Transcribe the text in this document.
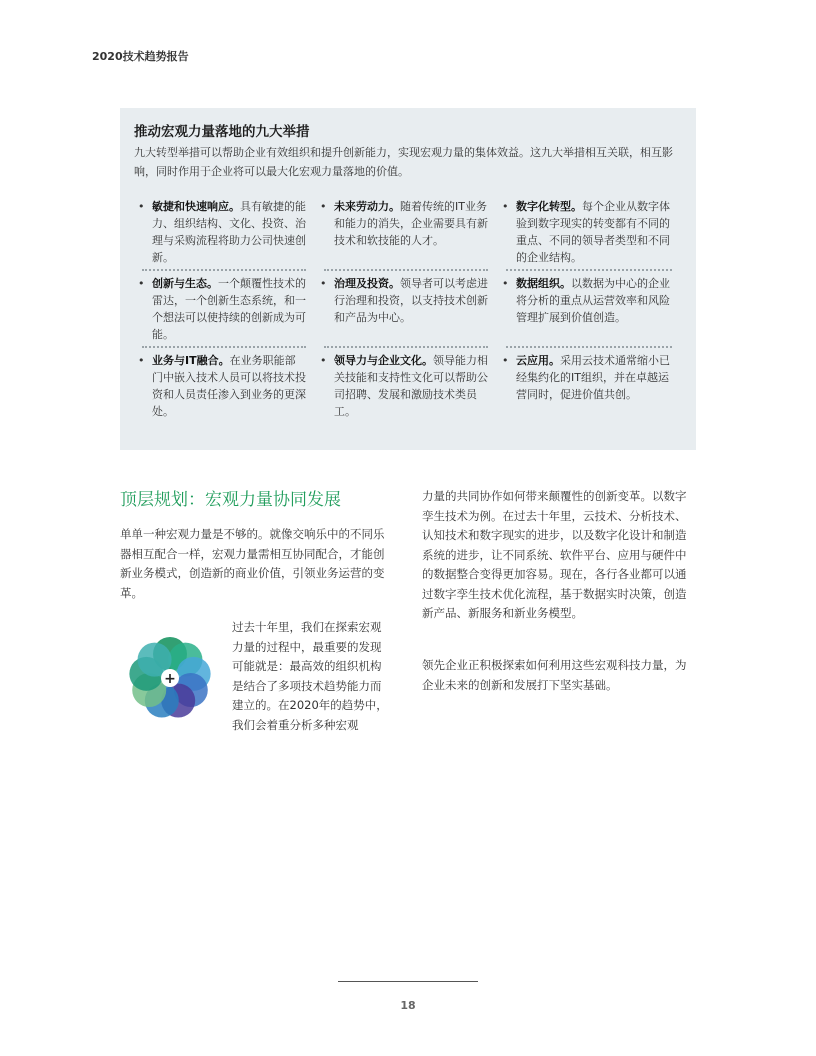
2020技术趋势报告
推动宏观力量落地的九大举措
九大转型举措可以帮助企业有效组织和提升创新能力，实现宏观力量的集体效益。这九大举措相互关联，相互影响，同时作用于企业将可以最大化宏观力量落地的价值。
• 敏捷和快速响应。具有敏捷的能力、组织结构、文化、投资、治理与采购流程将助力公司快速创新。
• 未来劳动力。随着传统的IT业务和能力的消失，企业需要具有新技术和软技能的人才。
• 数字化转型。每个企业从数字体验到数字现实的转变都有不同的重点、不同的领导者类型和不同的企业结构。
• 创新与生态。一个颠覆性技术的雷达，一个创新生态系统，和一个想法可以使持续的创新成为可能。
• 治理及投资。领导者可以考虑进行治理和投资，以支持技术创新和产品为中心。
• 数据组织。以数据为中心的企业将分析的重点从运营效率和风险管理扩展到价值创造。
• 业务与IT融合。在业务职能部门中嵌入技术人员可以将技术投资和人员责任渗入到业务的更深处。
• 领导力与企业文化。领导能力相关技能和支持性文化可以帮助公司招聘、发展和激励技术类员工。
• 云应用。采用云技术通常缩小已经集约化的IT组织，并在卓越运营同时，促进价值共创。
顶层规划：宏观力量协同发展
单单一种宏观力量是不够的。就像交响乐中的不同乐器相互配合一样，宏观力量需相互协同配合，才能创新业务模式，创造新的商业价值，引领业务运营的变革。
+
过去十年里，我们在探索宏观力量的过程中，最重要的发现可能就是：最高效的组织机构是结合了多项技术趋势能力而建立的。在2020年的趋势中，我们会着重分析多种宏观
力量的共同协作如何带来颠覆性的创新变革。以数字孪生技术为例。在过去十年里，云技术、分析技术、认知技术和数字现实的进步，以及数字化设计和制造系统的进步，让不同系统、软件平台、应用与硬件中的数据整合变得更加容易。现在，各行各业都可以通过数字孪生技术优化流程，基于数据实时决策，创造新产品、新服务和新业务模型。
领先企业正积极探索如何利用这些宏观科技力量，为企业未来的创新和发展打下坚实基础。
18
